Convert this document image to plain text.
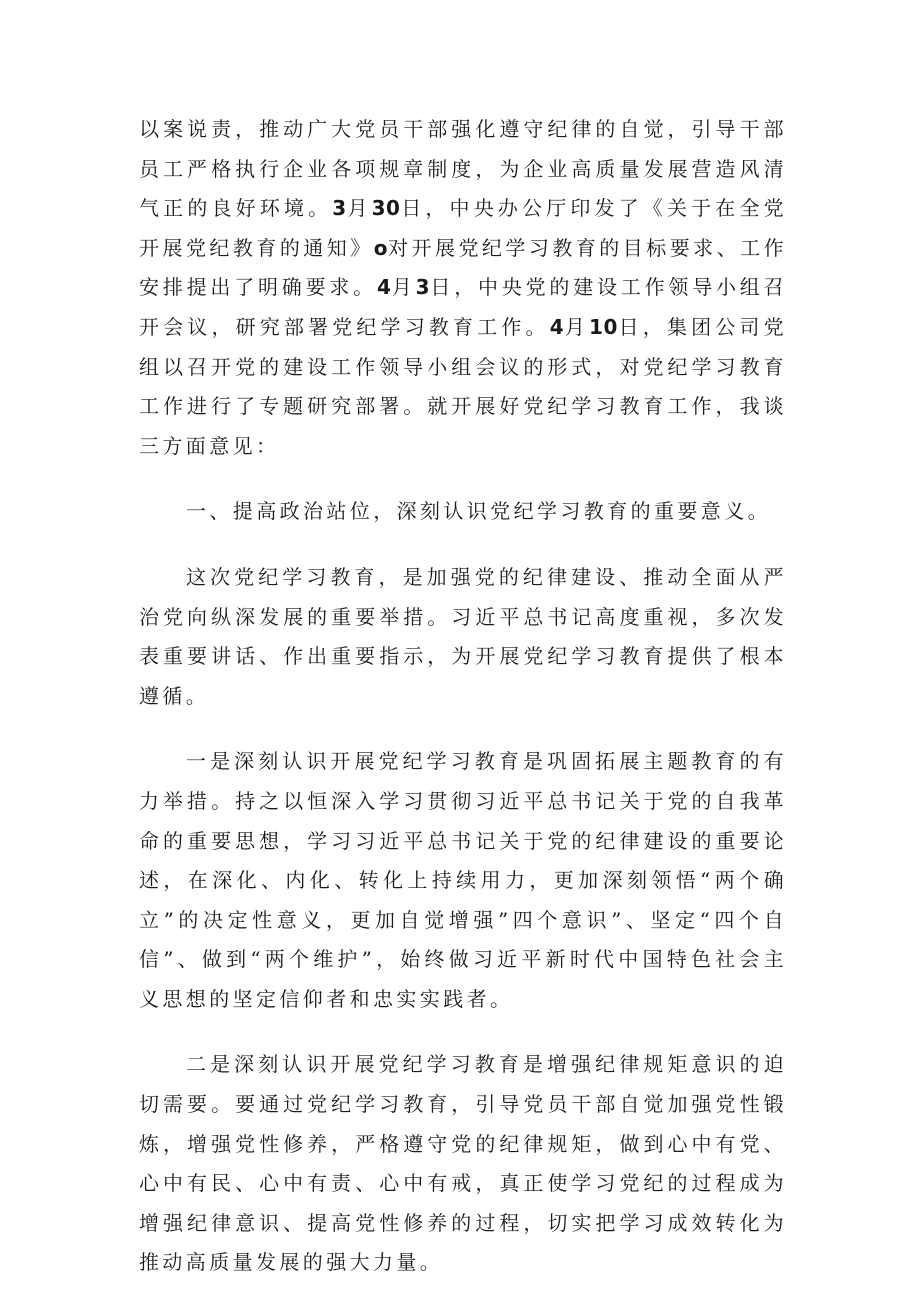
以案说责，推动广大党员干部强化遵守纪律的自觉，引导干部员工严格执行企业各项规章制度，为企业高质量发展营造风清气正的良好环境。3月30日，中央办公厅印发了《关于在全党开展党纪教育的通知》o对开展党纪学习教育的目标要求、工作安排提出了明确要求。4月3日，中央党的建设工作领导小组召开会议，研究部署党纪学习教育工作。4月10日，集团公司党组以召开党的建设工作领导小组会议的形式，对党纪学习教育工作进行了专题研究部署。就开展好党纪学习教育工作，我谈三方面意见：

一、提高政治站位，深刻认识党纪学习教育的重要意义。

这次党纪学习教育，是加强党的纪律建设、推动全面从严治党向纵深发展的重要举措。习近平总书记高度重视，多次发表重要讲话、作出重要指示，为开展党纪学习教育提供了根本遵循。

一是深刻认识开展党纪学习教育是巩固拓展主题教育的有力举措。持之以恒深入学习贯彻习近平总书记关于党的自我革命的重要思想，学习习近平总书记关于党的纪律建设的重要论述，在深化、内化、转化上持续用力，更加深刻领悟“两个确立”的决定性意义，更加自觉增强”四个意识”、坚定“四个自信”、做到“两个维护”，始终做习近平新时代中国特色社会主义思想的坚定信仰者和忠实实践者。

二是深刻认识开展党纪学习教育是增强纪律规矩意识的迫切需要。要通过党纪学习教育，引导党员干部自觉加强党性锻炼，增强党性修养，严格遵守党的纪律规矩，做到心中有党、心中有民、心中有责、心中有戒，真正使学习党纪的过程成为增强纪律意识、提高党性修养的过程，切实把学习成效转化为推动高质量发展的强大力量。
